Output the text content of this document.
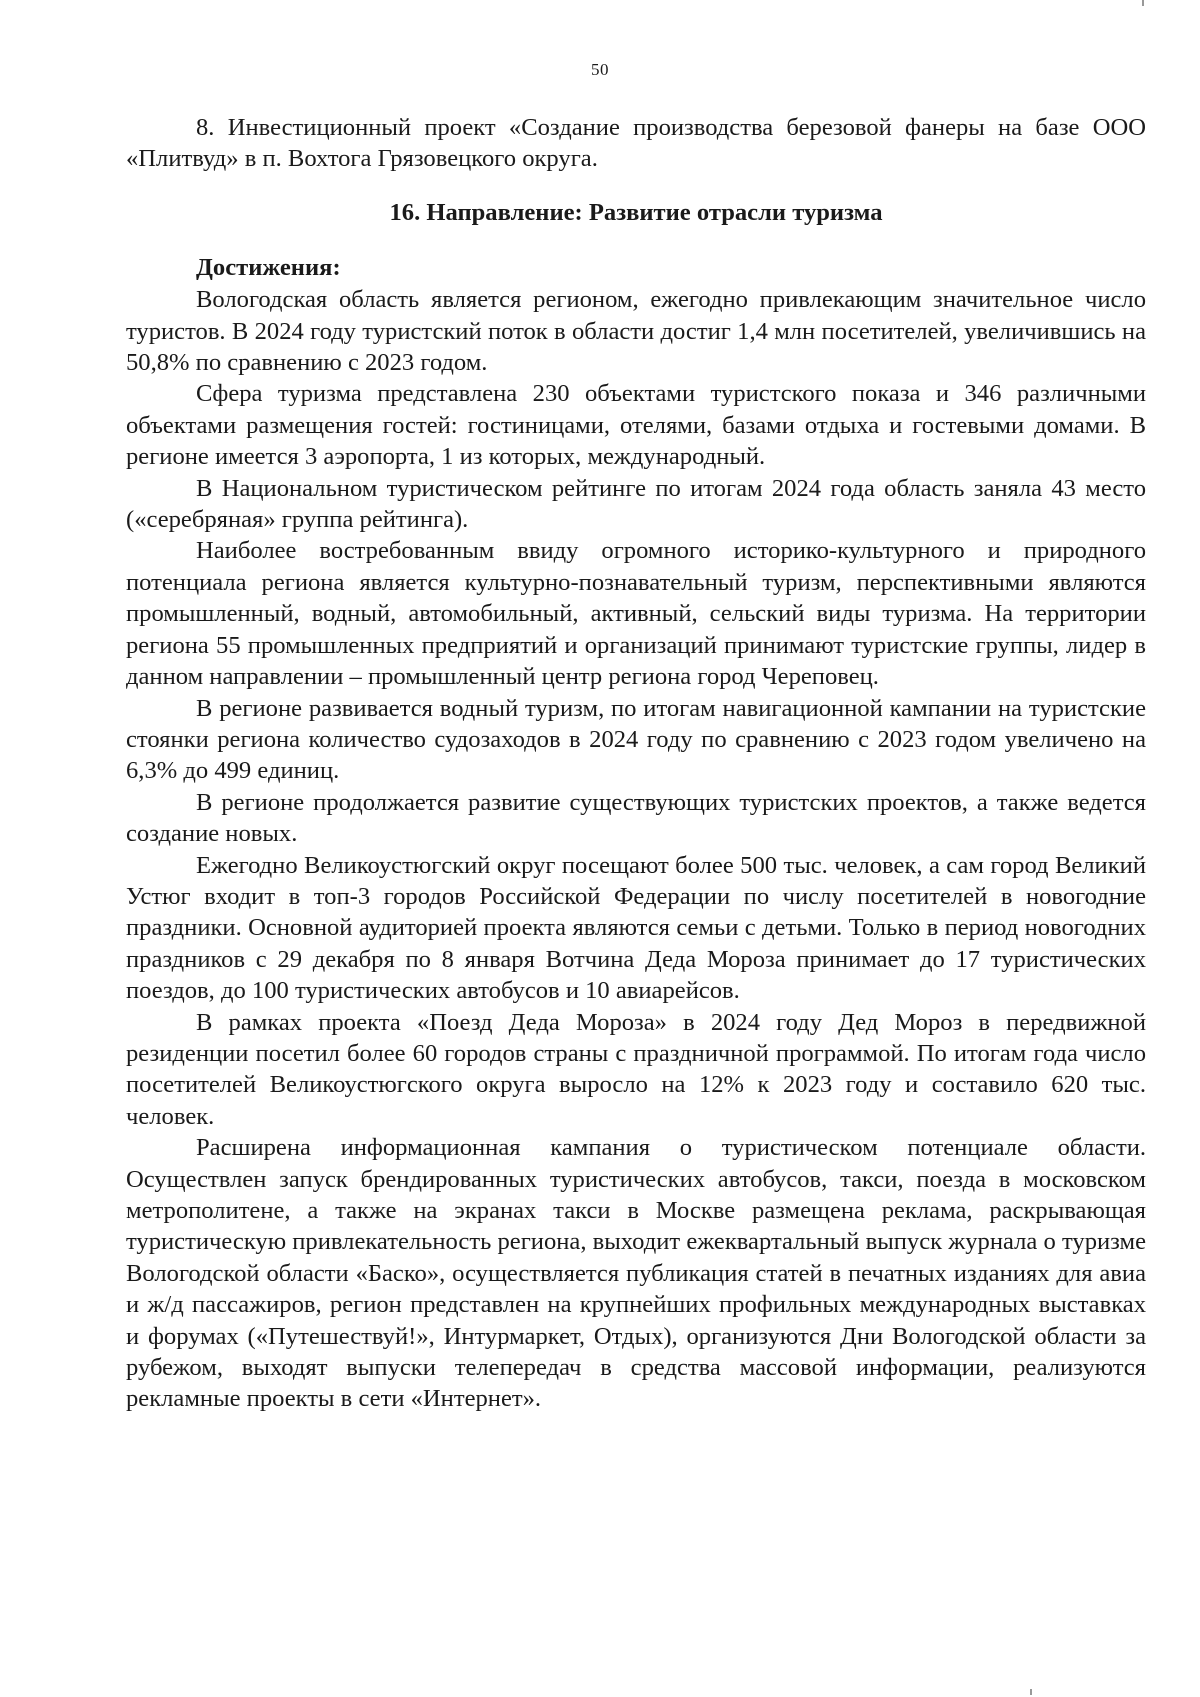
50

8. Инвестиционный проект «Создание производства березовой фанеры на базе ООО «Плитвуд» в п. Вохтога Грязовецкого округа.

16. Направление: Развитие отрасли туризма
Достижения:

Вологодская область является регионом, ежегодно привлекающим значительное число туристов. В 2024 году туристский поток в области достиг 1,4 млн посетителей, увеличившись на 50,8% по сравнению с 2023 годом.

Сфера туризма представлена 230 объектами туристского показа и 346 различными объектами размещения гостей: гостиницами, отелями, базами отдыха и гостевыми домами. В регионе имеется 3 аэропорта, 1 из которых, международный.

В Национальном туристическом рейтинге по итогам 2024 года область заняла 43 место («серебряная» группа рейтинга).

Наиболее востребованным ввиду огромного историко-культурного и природного потенциала региона является культурно-познавательный туризм, перспективными являются промышленный, водный, автомобильный, активный, сельский виды туризма. На территории региона 55 промышленных предприятий и организаций принимают туристские группы, лидер в данном направлении – промышленный центр региона город Череповец.

В регионе развивается водный туризм, по итогам навигационной кампании на туристские стоянки региона количество судозаходов в 2024 году по сравнению с 2023 годом увеличено на 6,3% до 499 единиц.

В регионе продолжается развитие существующих туристских проектов, а также ведется создание новых.

Ежегодно Великоустюгский округ посещают более 500 тыс. человек, а сам город Великий Устюг входит в топ-3 городов Российской Федерации по числу посетителей в новогодние праздники. Основной аудиторией проекта являются семьи с детьми. Только в период новогодних праздников с 29 декабря по 8 января Вотчина Деда Мороза принимает до 17 туристических поездов, до 100 туристических автобусов и 10 авиарейсов.

В рамках проекта «Поезд Деда Мороза» в 2024 году Дед Мороз в передвижной резиденции посетил более 60 городов страны с праздничной программой. По итогам года число посетителей Великоустюгского округа выросло на 12% к 2023 году и составило 620 тыс. человек.

Расширена информационная кампания о туристическом потенциале области. Осуществлен запуск брендированных туристических автобусов, такси, поезда в московском метрополитене, а также на экранах такси в Москве размещена реклама, раскрывающая туристическую привлекательность региона, выходит ежеквартальный выпуск журнала о туризме Вологодской области «Баско», осуществляется публикация статей в печатных изданиях для авиа и ж/д пассажиров, регион представлен на крупнейших профильных международных выставках и форумах («Путешествуй!», Интурмаркет, Отдых), организуются Дни Вологодской области за рубежом, выходят выпуски телепередач в средства массовой информации, реализуются рекламные проекты в сети «Интернет».
